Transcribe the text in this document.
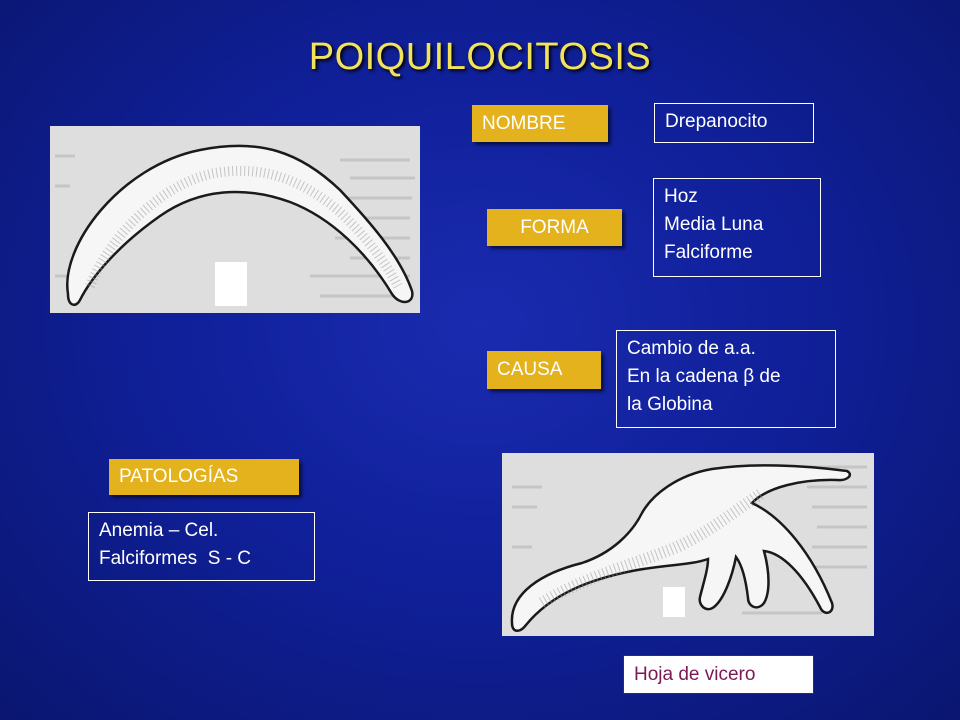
POIQUILOCITOSIS
NOMBRE	Drepanocito
FORMA
Hoz
Media Luna
Falciforme
CAUSA
Cambio de a.a.
En la cadena β de
la Globina
PATOLOGÍAS
Anemia – Cel.
Falciformes  S - C
Hoja de vicero
